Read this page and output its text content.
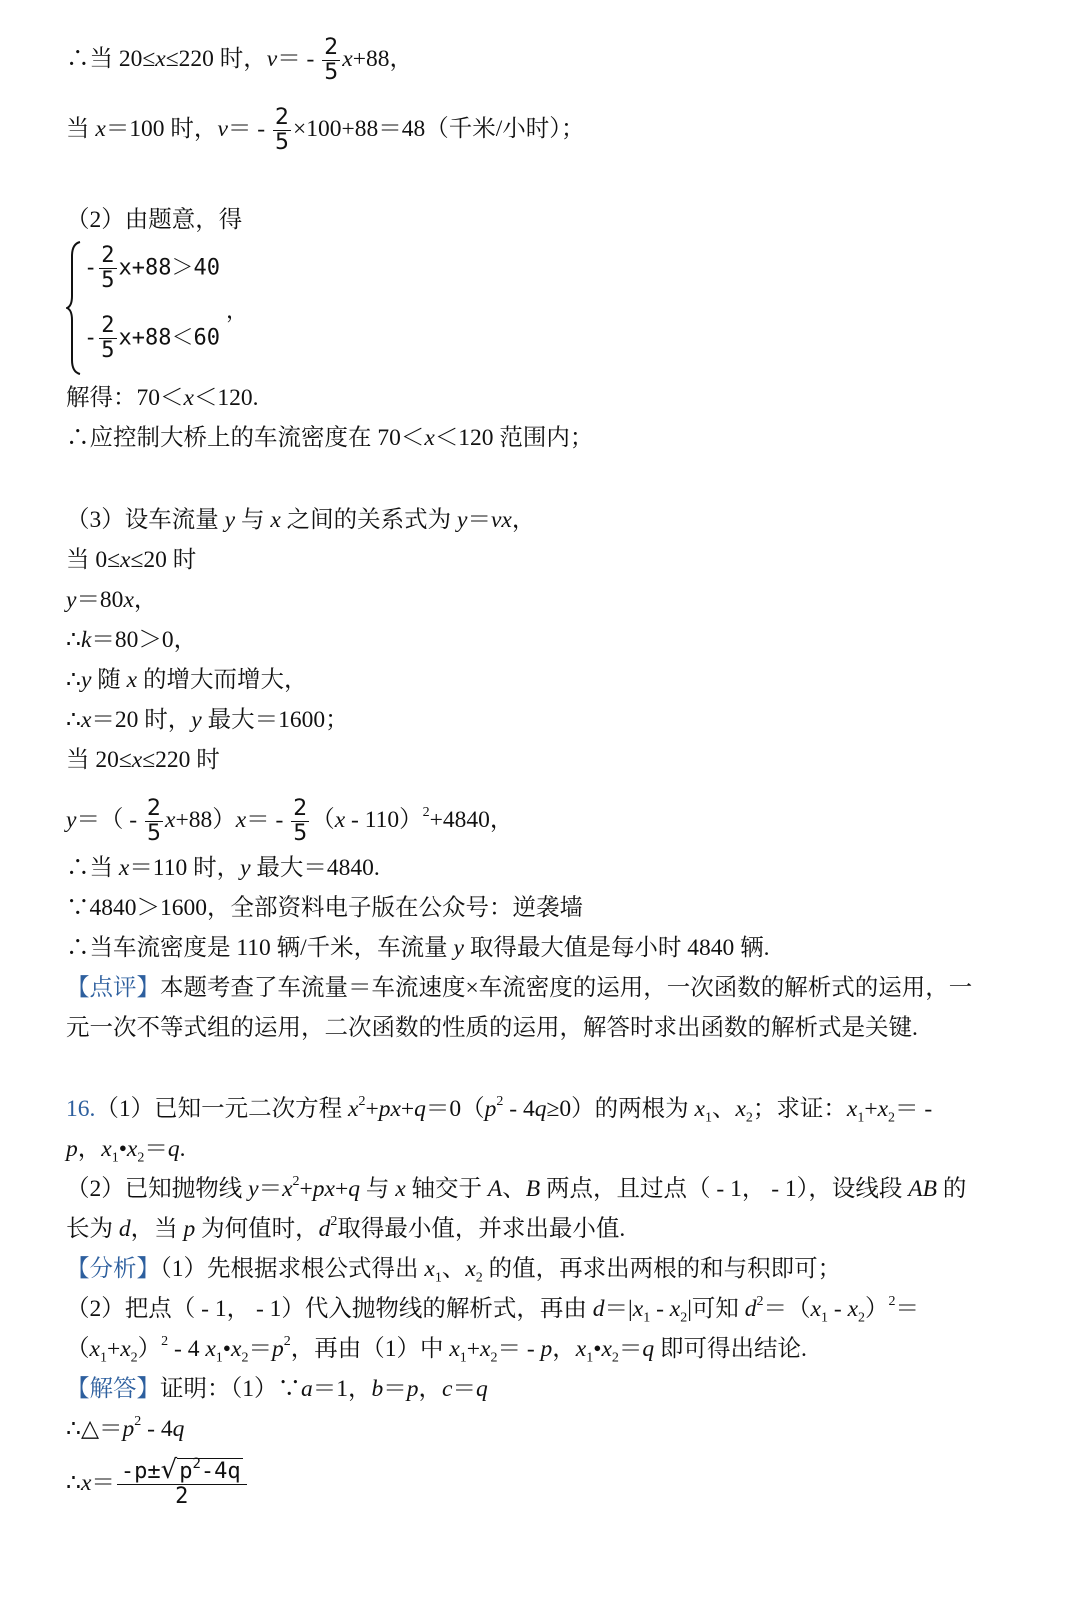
∴当 20≤x≤220 时，$v= - \frac{2}{5} x+88$，
当 x＝100 时，$v= - \frac{2}{5} \times 100+88=48$（千米/小时）；
（2）由题意，得
- $\frac{2}{5} x+88>40$
- $\frac{2}{5} x+88<60$
，
解得：70＜x＜120.
∴应控制大桥上的车流密度在 70＜x＜120 范围内；
（3）设车流量 y 与 x 之间的关系式为 y＝vx，
当 0≤x≤20 时
y＝80x，
∴k＝80＞0，
∴y 随 x 的增大而增大，
∴x＝20 时，y 最大＝1600；
当 20≤x≤220 时
$y=( - \frac{2}{5} x+88)x= - \frac{2}{5} (x - 110)^2+4840$，
∴当 x＝110 时，y 最大＝4840.
∵4840＞1600，全部资料电子版在公众号：逆袭墙
∴当车流密度是 110 辆/千米，车流量 y 取得最大值是每小时 4840 辆.
【点评】本题考查了车流量＝车流速度×车流密度的运用，一次函数的解析式的运用，一
元一次不等式组的运用，二次函数的性质的运用，解答时求出函数的解析式是关键.
16.（1）已知一元二次方程 $x^2+px+q=0(p^2 - 4q\ge 0)$的两根为 $x_1$、$x_2$；求证：$x_1+x_2=$ -
p，$x_1•x_2=q$.
（2）已知抛物线 $y=x^2+px+q$ 与 x 轴交于 A、B 两点，且过点（ - 1， - 1），设线段 AB 的
长为 d，当 p 为何值时，$d^2$取得最小值，并求出最小值.
【分析】（1）先根据求根公式得出 $x_1$、$x_2$ 的值，再求出两根的和与积即可；
（2）把点（ - 1， - 1）代入抛物线的解析式，再由 $d=|x_1 - x_2|$可知 $d^2=(x_1 - x_2)^2=$
$(x_1+x_2)^2 - 4$ $x_1•x_2=p^2$，再由（1）中 $x_1+x_2= - p$，$x_1•x_2=q$ 即可得出结论.
【解答】证明：（1）∵a＝1，b＝p，c＝q
$\therefore\triangle=p^2 - 4q$
∴x＝ $\frac{-p\pm√p^2-4q}{2}$
